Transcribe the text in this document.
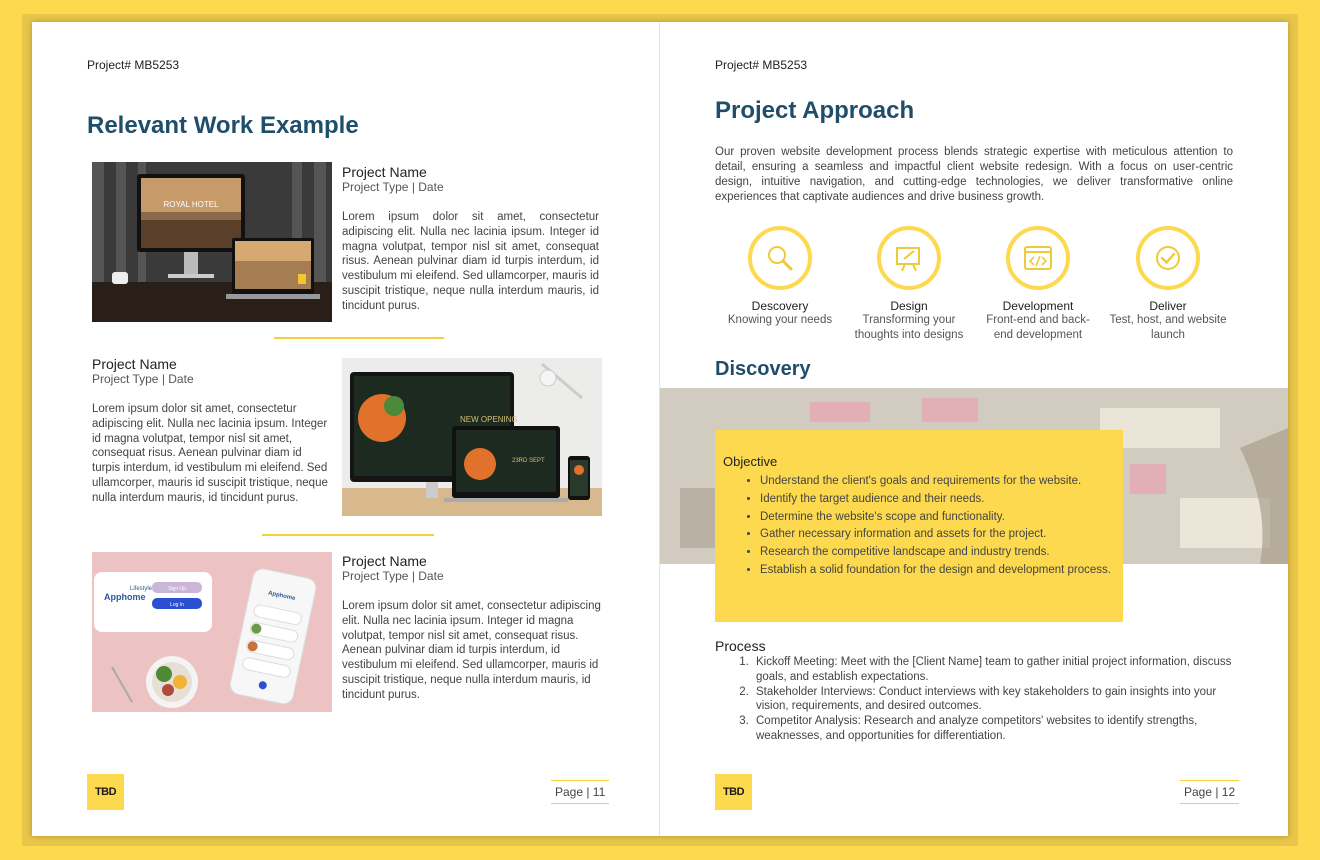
Project# MB5253
Relevant Work Example
ROYAL HOTEL
Project Name
Project Type | Date
Lorem ipsum dolor sit amet, consectetur adipiscing elit. Nulla nec lacinia ipsum. Integer id magna volutpat, tempor nisl sit amet, consequat risus. Aenean pulvinar diam id turpis interdum, id vestibulum mi eleifend. Sed ullamcorper, mauris id suscipit tristique, neque nulla interdum mauris, id tincidunt purus.
Project Name
Project Type | Date
Lorem ipsum dolor sit amet, consectetur adipiscing elit. Nulla nec lacinia ipsum. Integer id magna volutpat, tempor nisl sit amet, consequat risus. Aenean pulvinar diam id turpis interdum, id vestibulum mi eleifend. Sed ullamcorper, mauris id suscipit tristique, neque nulla interdum mauris, id tincidunt purus.
NEW OPENING
23RD SEPT
Lifestyle
Apphome
Sign Up
Log In
Apphome
Project Name
Project Type | Date
Lorem ipsum dolor sit amet, consectetur adipiscing elit. Nulla nec lacinia ipsum. Integer id magna volutpat, tempor nisl sit amet, consequat risus. Aenean pulvinar diam id turpis interdum, id vestibulum mi eleifend. Sed ullamcorper, mauris id suscipit tristique, neque nulla interdum mauris, id tincidunt purus.
TBD	Page | 11
Project# MB5253
Project Approach
Our proven website development process blends strategic expertise with meticulous attention to detail, ensuring a seamless and impactful client website redesign. With a focus on user-centric design, intuitive navigation, and cutting-edge technologies, we deliver transformative online experiences that captivate audiences and drive business growth.
Descovery
Knowing your needs
Design
Transforming your thoughts into designs
Development
Front-end and back-end development
Deliver
Test, host, and website launch
Discovery
Objective
• Understand the client's goals and requirements for the website.
• Identify the target audience and their needs.
• Determine the website's scope and functionality.
• Gather necessary information and assets for the project.
• Research the competitive landscape and industry trends.
• Establish a solid foundation for the design and development process.
Process
1. Kickoff Meeting: Meet with the [Client Name] team to gather initial project information, discuss goals, and establish expectations.
2. Stakeholder Interviews: Conduct interviews with key stakeholders to gain insights into your vision, requirements, and desired outcomes.
3. Competitor Analysis: Research and analyze competitors' websites to identify strengths, weaknesses, and opportunities for differentiation.
TBD	Page | 12
